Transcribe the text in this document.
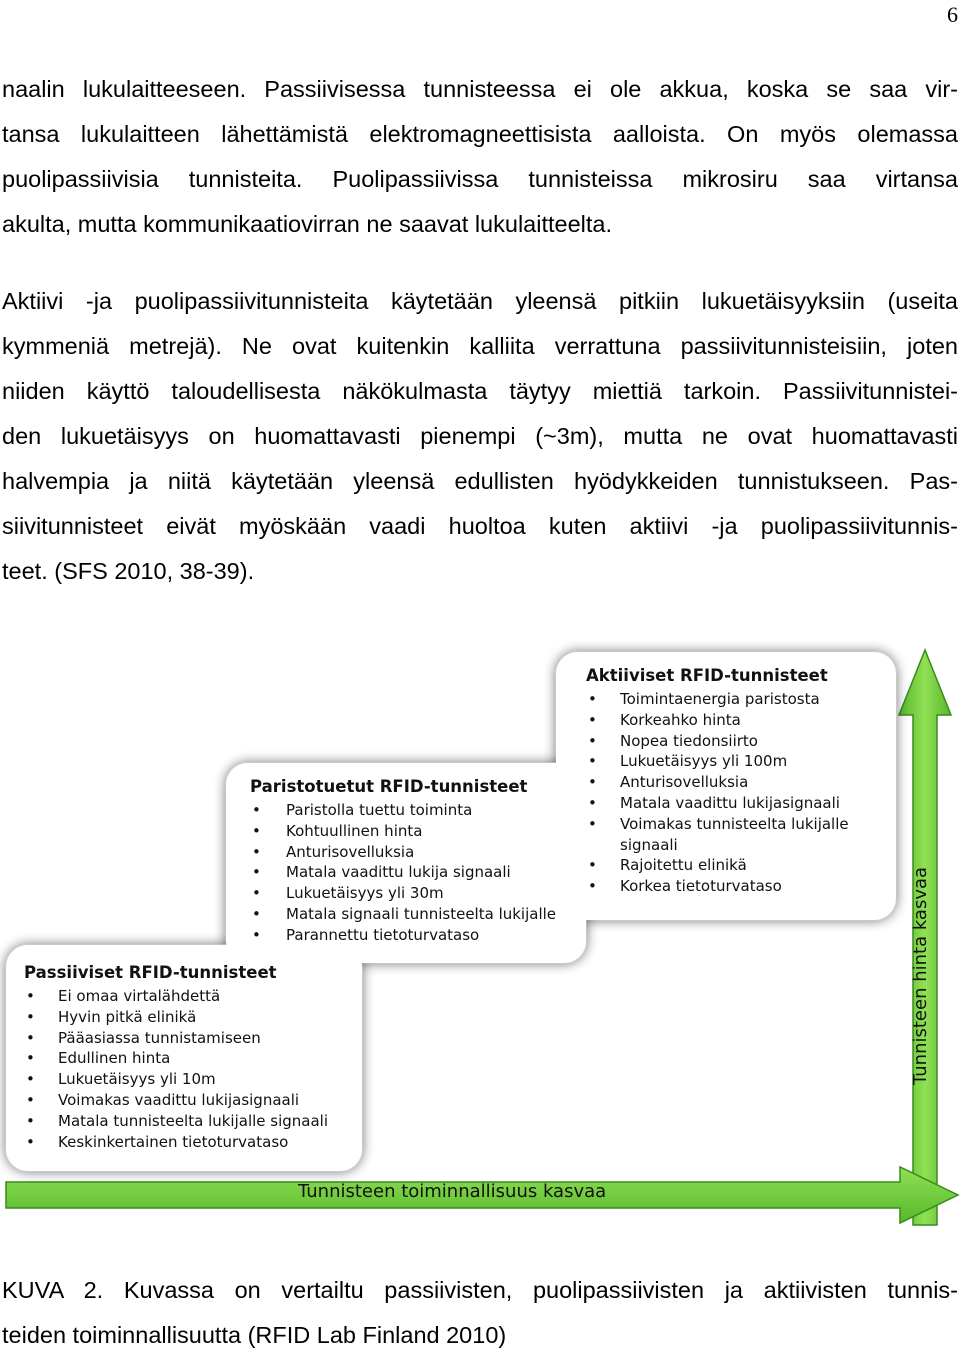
6
naalin lukulaitteeseen. Passiivisessa tunnisteessa ei ole akkua, koska se saa vir-
tansa lukulaitteen lähettämistä elektromagneettisista aalloista. On myös olemassa
puolipassiivisia tunnisteita. Puolipassiivissa tunnisteissa mikrosiru saa virtansa
akulta, mutta kommunikaatiovirran ne saavat lukulaitteelta.
Aktiivi -ja puolipassiivitunnisteita käytetään yleensä pitkiin lukuetäisyyksiin (useita
kymmeniä metrejä). Ne ovat kuitenkin kalliita verrattuna passiivitunnisteisiin, joten
niiden käyttö taloudellisesta näkökulmasta täytyy miettiä tarkoin. Passiivitunnistei-
den lukuetäisyys on huomattavasti pienempi (~3m), mutta ne ovat huomattavasti
halvempia ja niitä käytetään yleensä edullisten hyödykkeiden tunnistukseen. Pas-
siivitunnisteet eivät myöskään vaadi huoltoa kuten aktiivi -ja puolipassiivitunnis-
teet. (SFS 2010, 38-39).
Aktiiviset RFID-tunnisteet
• Toimintaenergia paristosta
• Korkeahko hinta
• Nopea tiedonsiirto
• Lukuetäisyys yli 100m
• Anturisovelluksia
• Matala vaadittu lukijasignaali
• Voimakas tunnisteelta lukijalle signaali
• Rajoitettu elinikä
• Korkea tietoturvataso
Paristotuetut RFID-tunnisteet
• Paristolla tuettu toiminta
• Kohtuullinen hinta
• Anturisovelluksia
• Matala vaadittu lukija signaali
• Lukuetäisyys yli 30m
• Matala signaali tunnisteelta lukijalle
• Parannettu tietoturvataso
Passiiviset RFID-tunnisteet
• Ei omaa virtalähdettä
• Hyvin pitkä elinikä
• Pääasiassa tunnistamiseen
• Edullinen hinta
• Lukuetäisyys yli 10m
• Voimakas vaadittu lukijasignaali
• Matala tunnisteelta lukijalle signaali
• Keskinkertainen tietoturvataso
Tunnisteen toiminnallisuus kasvaa
Tunnisteen hinta kasvaa
KUVA 2. Kuvassa on vertailtu passiivisten, puolipassiivisten ja aktiivisten tunnis-
teiden toiminnallisuutta (RFID Lab Finland 2010)
